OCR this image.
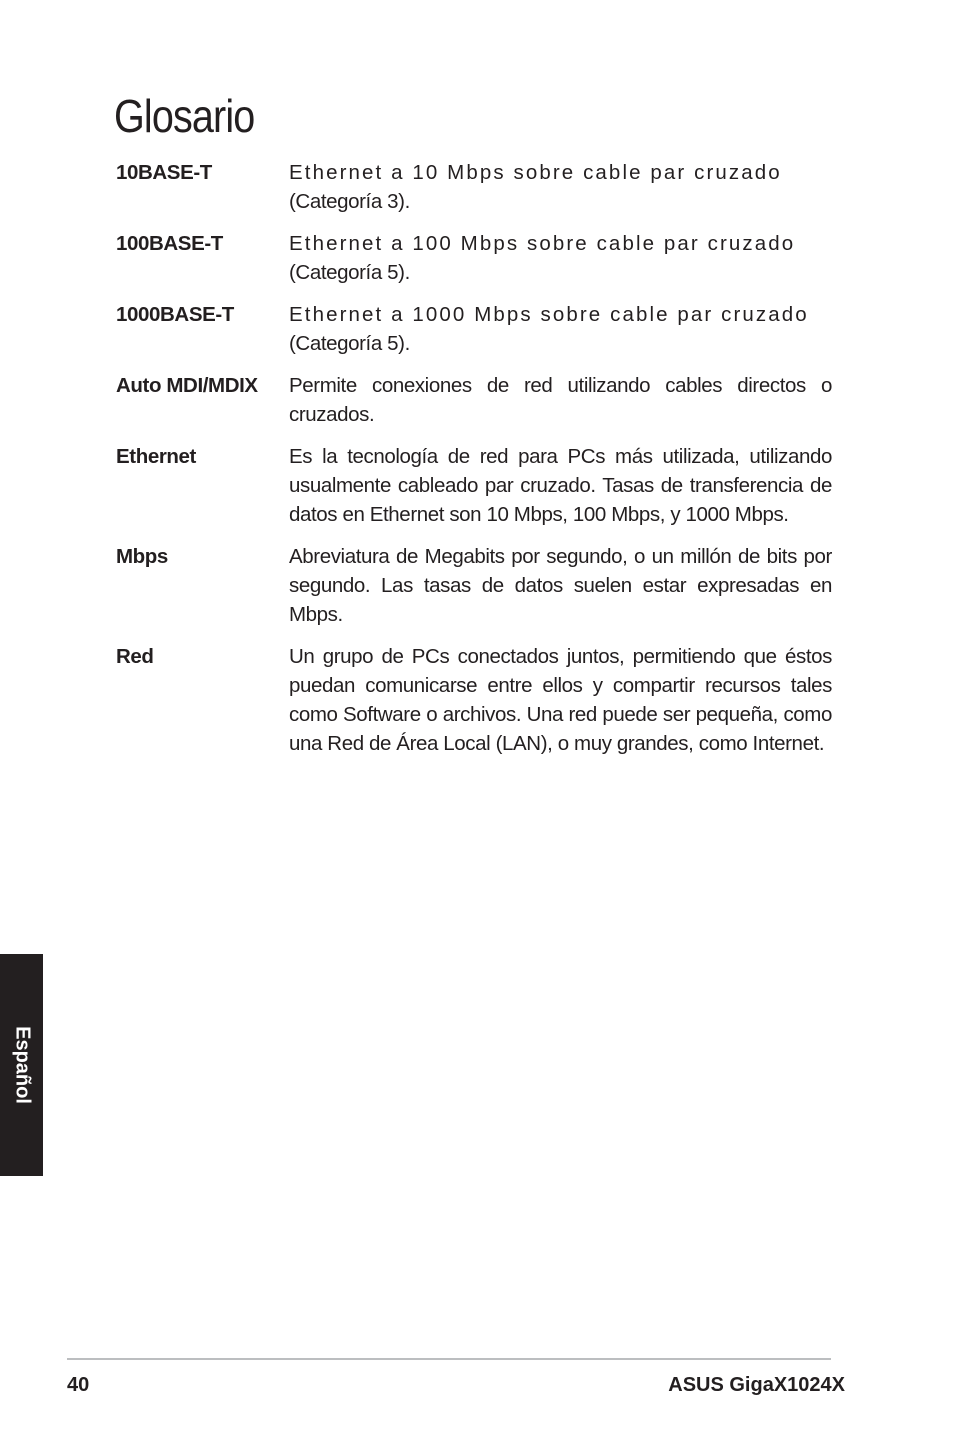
Glosario
10BASE-T	Ethernet a 10 Mbps sobre cable par cruzado
(Categoría 3).
100BASE-T	Ethernet a 100 Mbps sobre cable par cruzado
(Categoría 5).
1000BASE-T	Ethernet a 1000 Mbps sobre cable par cruzado
(Categoría 5).
Auto MDI/MDIX	Permite conexiones de red utilizando cables directos o cruzados.
Ethernet	Es la tecnología de red para PCs más utilizada, utilizando usualmente cableado par cruzado. Tasas de transferencia de datos en Ethernet son 10 Mbps, 100 Mbps, y 1000 Mbps.
Mbps	Abreviatura de Megabits por segundo, o un millón de bits por segundo. Las tasas de datos suelen estar expresadas en Mbps.
Red	Un grupo de PCs conectados juntos, permitiendo que éstos puedan comunicarse entre ellos y compartir recursos tales como Software o archivos. Una red puede ser pequeña, como una Red de Área Local (LAN), o muy grandes, como Internet.
Español
40	ASUS GigaX1024X
